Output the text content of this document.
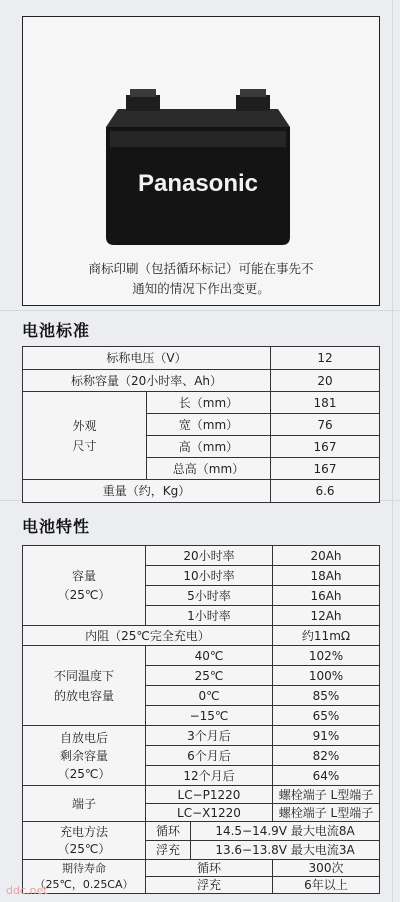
Panasonic
商标印刷（包括循环标记）可能在事先不
通知的情况下作出变更。
电池标准
标称电压（V）		12
标称容量（20小时率、Ah）		20
外观
尺寸	长（mm）	181
	宽（mm）	76
	高（mm）	167
	总高（mm）	167
重量（约，Kg）		6.6
电池特性
容量
（25℃）	20小时率		20Ah
	10小时率		18Ah
	5小时率		16Ah
	1小时率		12Ah
内阻（25℃完全充电）			约11mΩ
不同温度下
的放电容量	40℃		102%
	25℃		100%
	0℃		85%
	−15℃		65%
自放电后
剩余容量
（25℃）	3个月后		91%
	6个月后		82%
	12个月后		64%
端子	LC−P1220		螺栓端子 L型端子
	LC−X1220		螺栓端子 L型端子
充电方法
（25℃）	循环	14.5−14.9V 最大电流8A	
	浮充	13.6−13.8V 最大电流3A	
期待寿命
（25℃，0.25CA）	循环		300次
	浮充		6年以上
ddc.net
